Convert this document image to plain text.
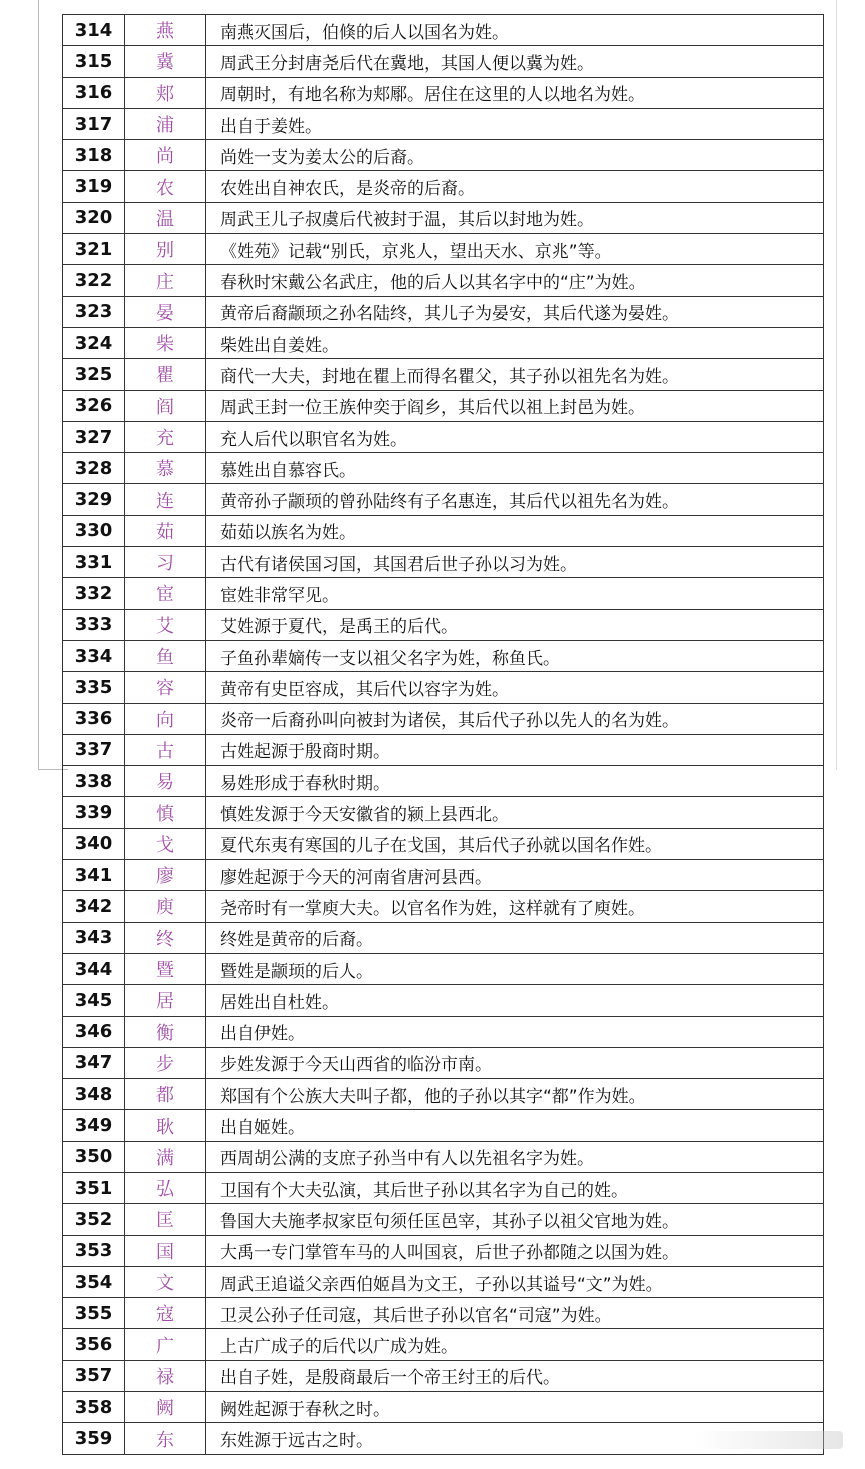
314	燕	南燕灭国后，伯倏的后人以国名为姓。
315	冀	周武王分封唐尧后代在冀地，其国人便以冀为姓。
316	郏	周朝时，有地名称为郏鄏。居住在这里的人以地名为姓。
317	浦	出自于姜姓。
318	尚	尚姓一支为姜太公的后裔。
319	农	农姓出自神农氏，是炎帝的后裔。
320	温	周武王儿子叔虞后代被封于温，其后以封地为姓。
321	别	《姓苑》记载“别氏，京兆人，望出天水、京兆”等。
322	庄	春秋时宋戴公名武庄，他的后人以其名字中的“庄”为姓。
323	晏	黄帝后裔颛顼之孙名陆终，其儿子为晏安，其后代遂为晏姓。
324	柴	柴姓出自姜姓。
325	瞿	商代一大夫，封地在瞿上而得名瞿父，其子孙以祖先名为姓。
326	阎	周武王封一位王族仲奕于阎乡，其后代以祖上封邑为姓。
327	充	充人后代以职官名为姓。
328	慕	慕姓出自慕容氏。
329	连	黄帝孙子颛顼的曾孙陆终有子名惠连，其后代以祖先名为姓。
330	茹	茹茹以族名为姓。
331	习	古代有诸侯国习国，其国君后世子孙以习为姓。
332	宦	宦姓非常罕见。
333	艾	艾姓源于夏代，是禹王的后代。
334	鱼	子鱼孙辈嫡传一支以祖父名字为姓，称鱼氏。
335	容	黄帝有史臣容成，其后代以容字为姓。
336	向	炎帝一后裔孙叫向被封为诸侯，其后代子孙以先人的名为姓。
337	古	古姓起源于殷商时期。
338	易	易姓形成于春秋时期。
339	慎	慎姓发源于今天安徽省的颍上县西北。
340	戈	夏代东夷有寒国的儿子在戈国，其后代子孙就以国名作姓。
341	廖	廖姓起源于今天的河南省唐河县西。
342	庾	尧帝时有一掌庾大夫。以官名作为姓，这样就有了庾姓。
343	终	终姓是黄帝的后裔。
344	暨	暨姓是颛顼的后人。
345	居	居姓出自杜姓。
346	衡	出自伊姓。
347	步	步姓发源于今天山西省的临汾市南。
348	都	郑国有个公族大夫叫子都，他的子孙以其字“都”作为姓。
349	耿	出自姬姓。
350	满	西周胡公满的支庶子孙当中有人以先祖名字为姓。
351	弘	卫国有个大夫弘演，其后世子孙以其名字为自己的姓。
352	匡	鲁国大夫施孝叔家臣句须任匡邑宰，其孙子以祖父官地为姓。
353	国	大禹一专门掌管车马的人叫国哀，后世子孙都随之以国为姓。
354	文	周武王追谥父亲西伯姬昌为文王，子孙以其谥号“文”为姓。
355	寇	卫灵公孙子任司寇，其后世子孙以官名“司寇”为姓。
356	广	上古广成子的后代以广成为姓。
357	禄	出自子姓，是殷商最后一个帝王纣王的后代。
358	阙	阙姓起源于春秋之时。
359	东	东姓源于远古之时。
